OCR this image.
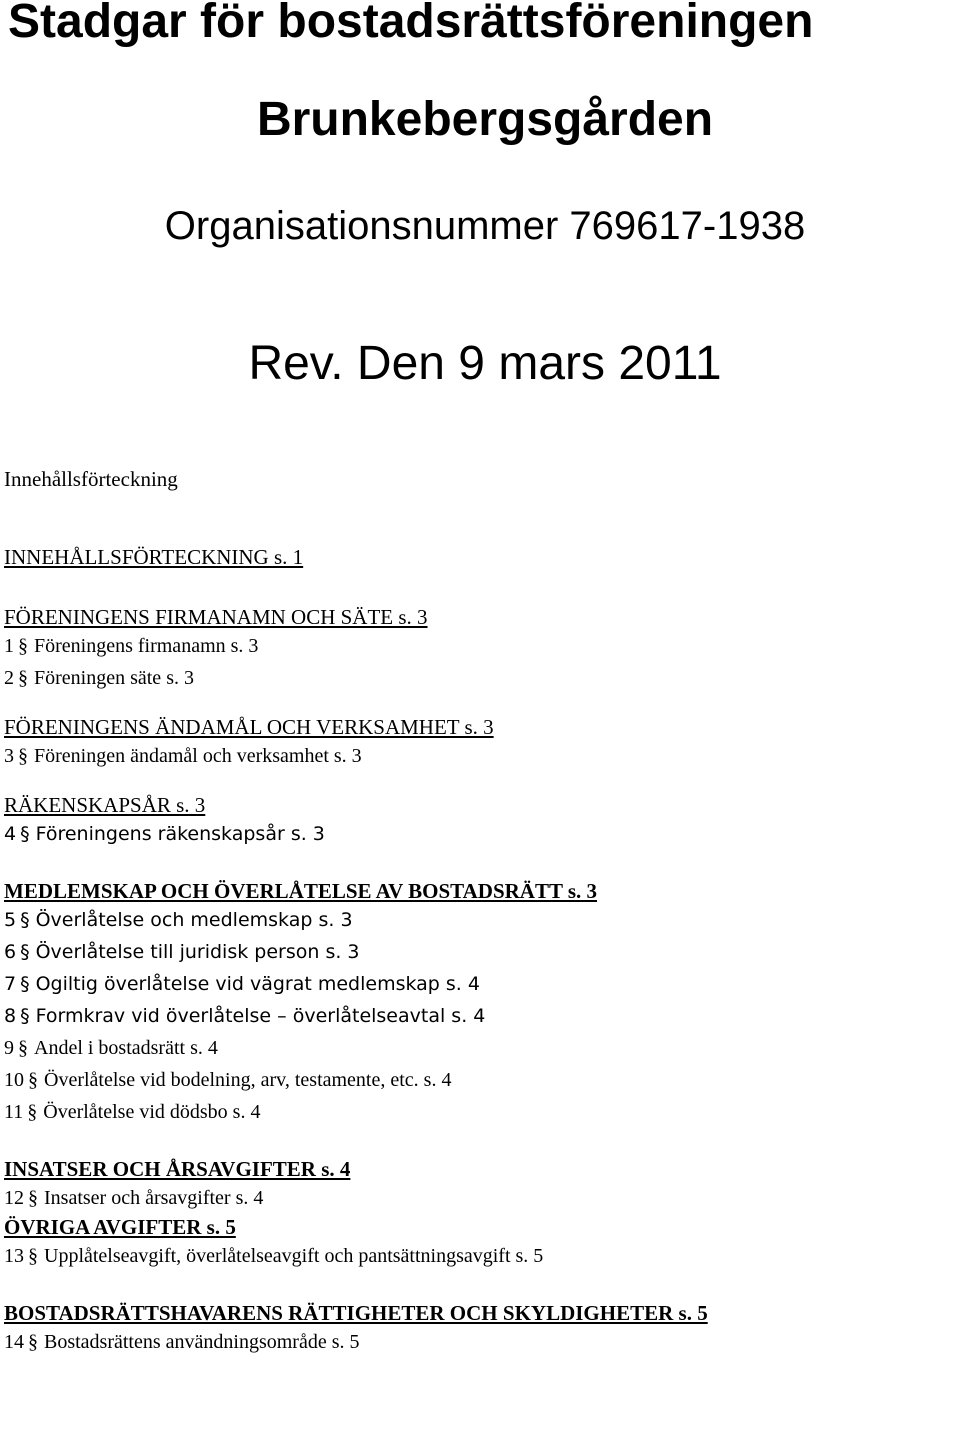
Stadgar för bostadsrättsföreningen
Brunkebergsgården
Organisationsnummer 769617-1938
Rev. Den 9 mars 2011
Innehållsförteckning
INNEHÅLLSFÖRTECKNING s. 1
FÖRENINGENS FIRMANAMN OCH SÄTE s. 3
1 § Föreningens firmanamn s. 3
2 § Föreningen säte s. 3
FÖRENINGENS ÄNDAMÅL OCH VERKSAMHET s. 3
3 § Föreningen ändamål och verksamhet s. 3
RÄKENSKAPSÅR s. 3
4 § Föreningens räkenskapsår s. 3
MEDLEMSKAP OCH ÖVERLÅTELSE AV BOSTADSRÄTT s. 3
5 § Överlåtelse och medlemskap s. 3
6 § Överlåtelse till juridisk person s. 3
7 § Ogiltig överlåtelse vid vägrat medlemskap s. 4
8 § Formkrav vid överlåtelse – överlåtelseavtal s. 4
9 § Andel i bostadsrätt s. 4
10 § Överlåtelse vid bodelning, arv, testamente, etc. s. 4
11 § Överlåtelse vid dödsbo s. 4
INSATSER OCH ÅRSAVGIFTER s. 4
12 § Insatser och årsavgifter s. 4
ÖVRIGA AVGIFTER s. 5
13 § Upplåtelseavgift, överlåtelseavgift och pantsättningsavgift s. 5
BOSTADSRÄTTSHAVARENS RÄTTIGHETER OCH SKYLDIGHETER s. 5
14 § Bostadsrättens användningsområde s. 5
